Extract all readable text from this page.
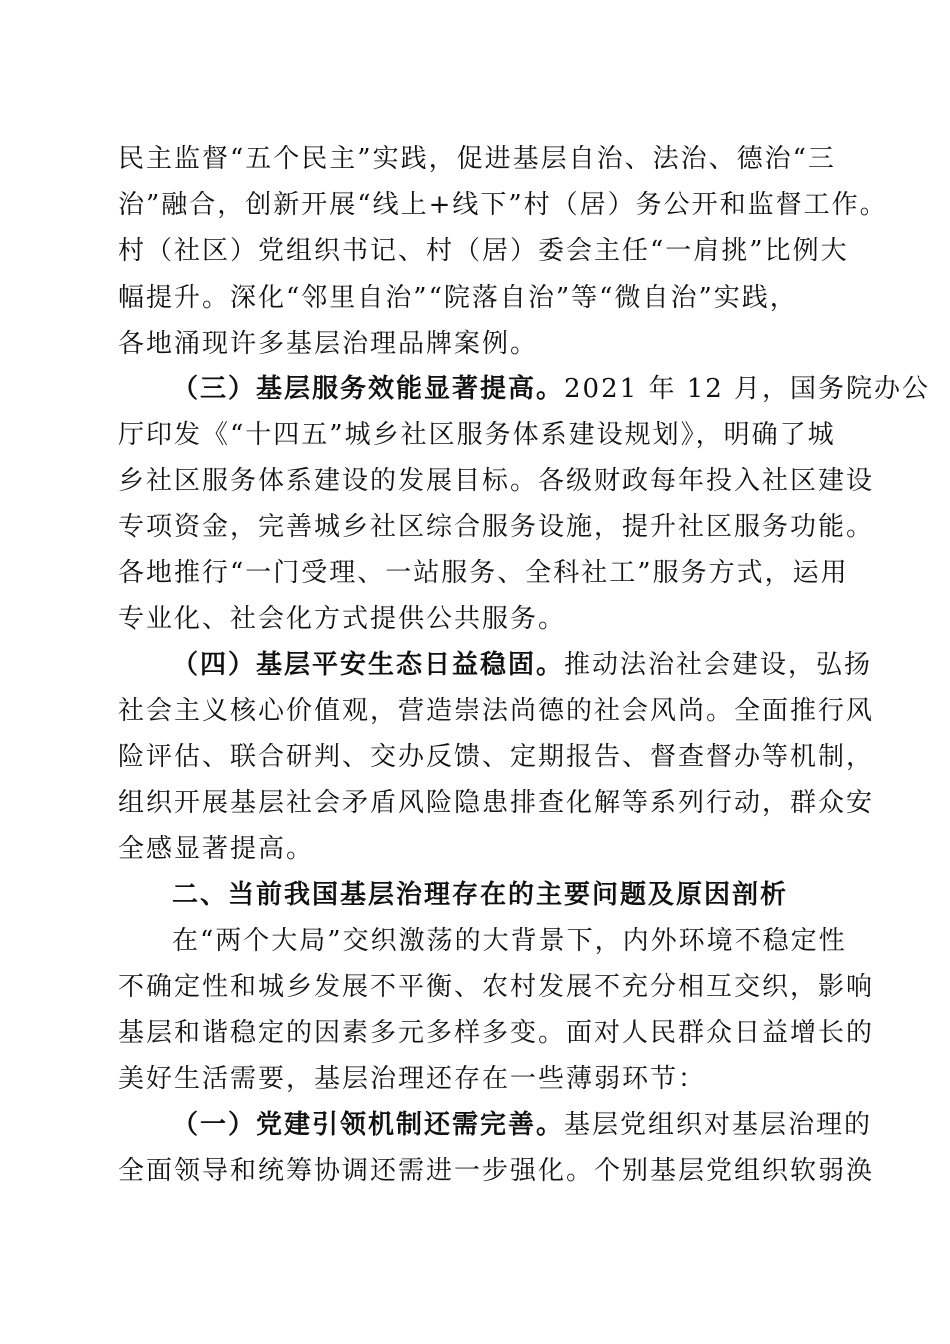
民主监督“五个民主”实践，促进基层自治、法治、德治“三
治”融合，创新开展“线上+线下”村（居）务公开和监督工作。
村（社区）党组织书记、村（居）委会主任“一肩挑”比例大
幅提升。深化“邻里自治”“院落自治”等“微自治”实践，
各地涌现许多基层治理品牌案例。
（三）基层服务效能显著提高。2021 年 12 月，国务院办公
厅印发《“十四五”城乡社区服务体系建设规划》，明确了城
乡社区服务体系建设的发展目标。各级财政每年投入社区建设
专项资金，完善城乡社区综合服务设施，提升社区服务功能。
各地推行“一门受理、一站服务、全科社工”服务方式，运用
专业化、社会化方式提供公共服务。
（四）基层平安生态日益稳固。推动法治社会建设，弘扬
社会主义核心价值观，营造崇法尚德的社会风尚。全面推行风
险评估、联合研判、交办反馈、定期报告、督查督办等机制，
组织开展基层社会矛盾风险隐患排查化解等系列行动，群众安
全感显著提高。
二、当前我国基层治理存在的主要问题及原因剖析
在“两个大局”交织激荡的大背景下，内外环境不稳定性
不确定性和城乡发展不平衡、农村发展不充分相互交织，影响
基层和谐稳定的因素多元多样多变。面对人民群众日益增长的
美好生活需要，基层治理还存在一些薄弱环节：
（一）党建引领机制还需完善。基层党组织对基层治理的
全面领导和统筹协调还需进一步强化。个别基层党组织软弱涣
